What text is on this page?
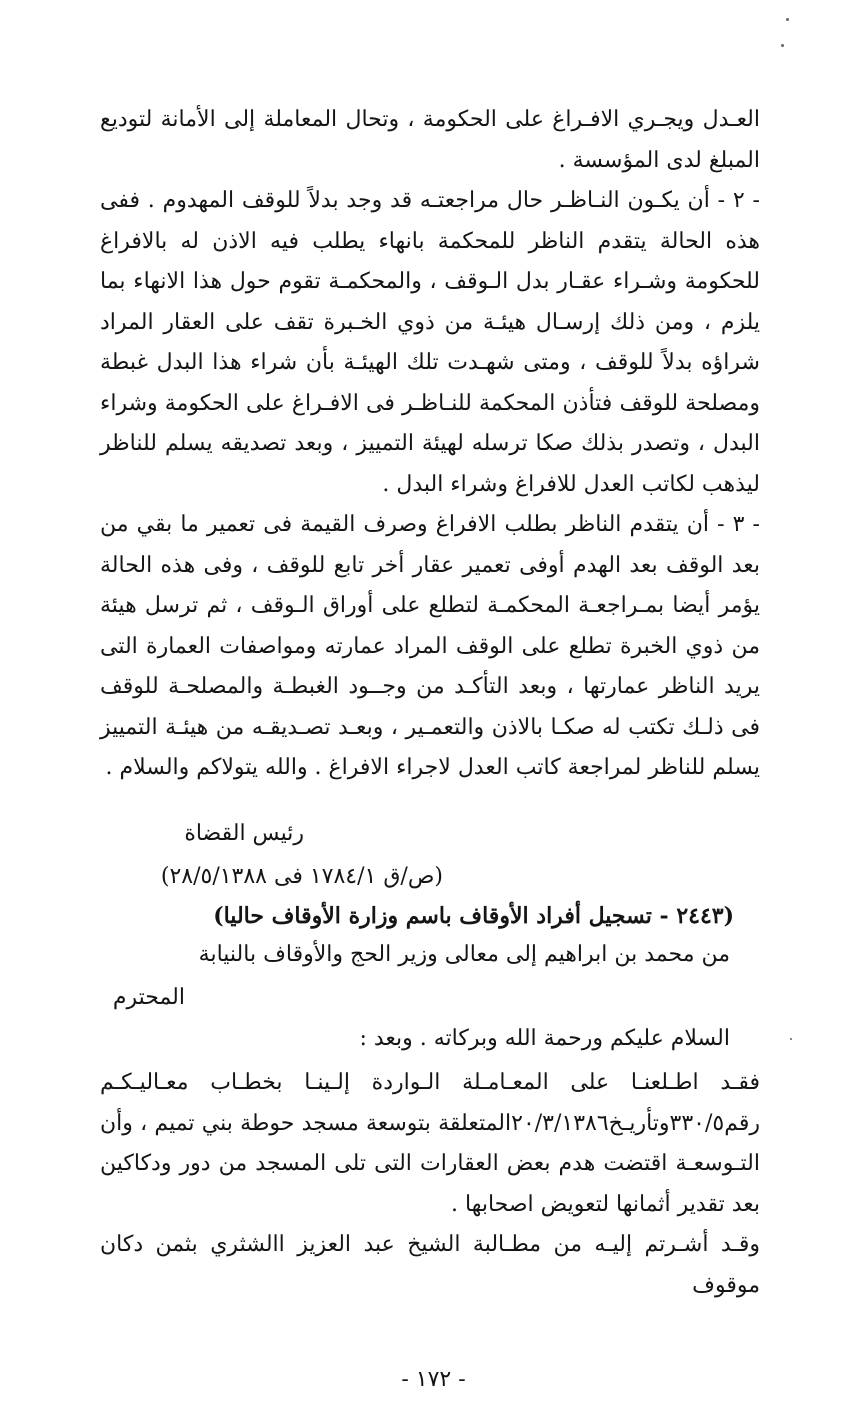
العـدل ويجـري الافـراغ على الحكومة ، وتحال المعاملة إلى الأمانة لتوديع المبلغ لدى المؤسسة .

- ٢ - أن يكـون النـاظـر حال مراجعتـه قد وجد بدلاً للوقف المهدوم . ففى هذه الحالة يتقدم الناظر للمحكمة بانهاء يطلب فيه الاذن له بالافراغ للحكومة وشـراء عقـار بدل الـوقف ، والمحكمـة تقوم حول هذا الانهاء بما يلزم ، ومن ذلك إرسـال هيئـة من ذوي الخـبرة تقف على العقار المراد شراؤه بدلاً للوقف ، ومتى شهـدت تلك الهيئـة بأن شراء هذا البدل غبطة ومصلحة للوقف فتأذن المحكمة للنـاظـر فى الافـراغ على الحكومة وشراء البدل ، وتصدر بذلك صكا ترسله لهيئة التمييز ، وبعد تصديقه يسلم للناظر ليذهب لكاتب العدل للافراغ وشراء البدل .

- ٣ - أن يتقدم الناظر بطلب الافراغ وصرف القيمة فى تعمير ما بقي من بعد الوقف بعد الهدم أوفى تعمير عقار أخر تابع للوقف ، وفى هذه الحالة يؤمر أيضا بمـراجعـة المحكمـة لتطلع على أوراق الـوقف ، ثم ترسل هيئة من ذوي الخبرة تطلع على الوقف المراد عمارته ومواصفات العمارة التى يريد الناظر عمارتها ، وبعد التأكـد من وجــود الغبطـة والمصلحـة للوقف فى ذلـك تكتب له صكـا بالاذن والتعمـير ، وبعـد تصـديقـه من هيئـة التمييز يسلم للناظر لمراجعة كاتب العدل لاجراء الافراغ . والله يتولاكم والسلام .

رئيس القضاة
(ص/ق ١٧٨٤/١ فى ٢٨/٥/١٣٨٨)
(٢٤٤٣ - تسجيل أفراد الأوقاف باسم وزارة الأوقاف حاليا)
من محمد بن ابراهيم إلى معالى وزير الحج والأوقاف بالنيابة
المحترم
السلام عليكم ورحمة الله وبركاته . وبعد :

فقـد اطـلعنـا على المعـامـلة الـواردة إلـينـا بخطـاب معـاليـكـم رقم٣٣٠/٥وتأريـخ٢٠/٣/١٣٨٦المتعلقة بتوسعة مسجد حوطة بني تميم ، وأن التـوسعـة اقتضت هدم بعض العقارات التى تلى المسجد من دور ودكاكين بعد تقدير أثمانها لتعويض اصحابها .

وقـد أشـرتم إليـه من مطـالبة الشيخ عبد العزيز االشثري بثمن دكان موقوف

- ١٧٢ -
